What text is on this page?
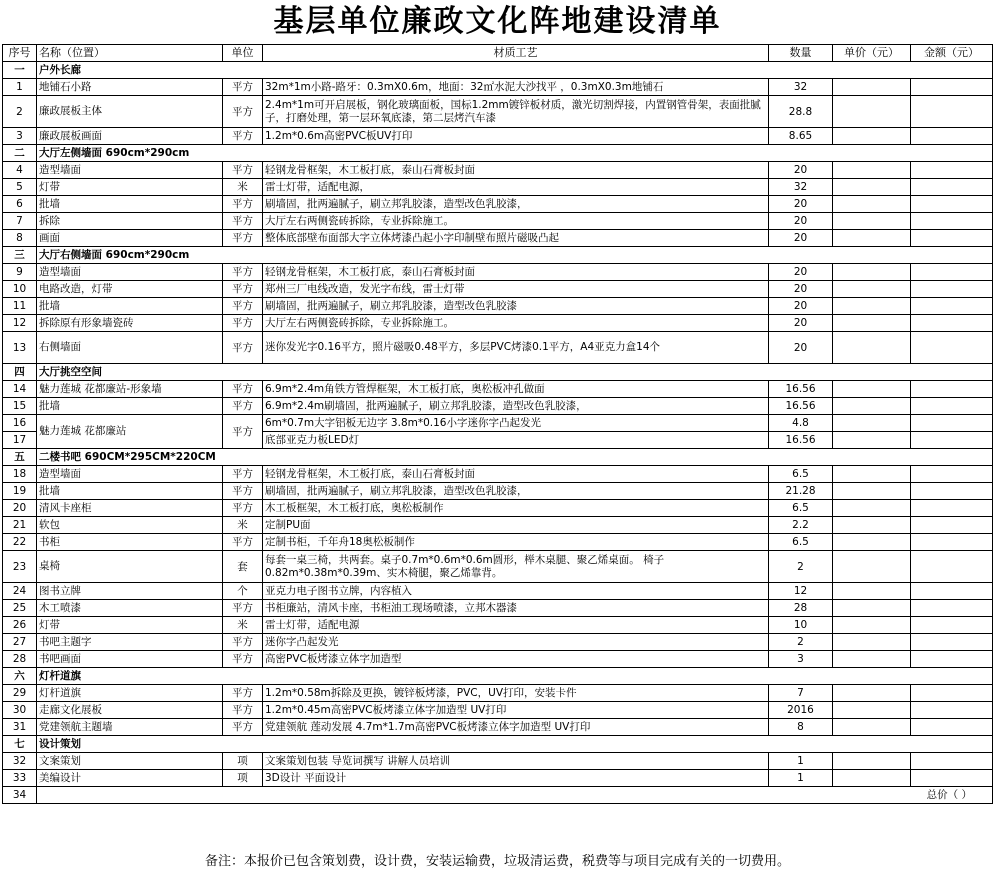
基层单位廉政文化阵地建设清单
序号	名称（位置）	单位	材质工艺	数量	单价（元）	金额（元）
一	户外长廊					
1	地铺石小路	平方	32m*1m小路-路牙：0.3mX0.6m，地面：32㎡水泥大沙找平 ，0.3mX0.3m地铺石	32		
2	廉政展板主体	平方	2.4m*1m可开启展板，钢化玻璃面板，国标1.2mm镀锌板材质，激光切割焊接，内置钢管骨架，表面批腻子，打磨处理，第一层环氧底漆，第二层烤汽车漆	28.8		
3	廉政展板画面	平方	1.2m*0.6m高密PVC板UV打印	8.65		
二	大厅左侧墙面 690cm*290cm					
4	造型墙面	平方	轻钢龙骨框架，木工板打底，泰山石膏板封面	20		
5	灯带	米	雷士灯带，适配电源，	32		
6	批墙	平方	刷墙固，批两遍腻子，刷立邦乳胶漆，造型改色乳胶漆，	20		
7	拆除	平方	大厅左右两侧瓷砖拆除，专业拆除施工。	20		
8	画面	平方	整体底部壁布面部大字立体烤漆凸起小字印制壁布照片磁吸凸起	20		
三	大厅右侧墙面 690cm*290cm					
9	造型墙面	平方	轻钢龙骨框架，木工板打底，泰山石膏板封面	20		
10	电路改造，灯带	平方	郑州三厂电线改造，发光字布线，雷士灯带	20		
11	批墙	平方	刷墙固，批两遍腻子，刷立邦乳胶漆，造型改色乳胶漆	20		
12	拆除原有形象墙瓷砖	平方	大厅左右两侧瓷砖拆除，专业拆除施工。	20		
13	右侧墙面	平方	迷你发光字0.16平方，照片磁吸0.48平方，多层PVC烤漆0.1平方，A4亚克力盒14个	20		
四	大厅挑空空间					
14	魅力莲城 花都廉站-形象墙	平方	6.9m*2.4m角铁方管焊框架，木工板打底，奥松板冲孔做面	16.56		
15	批墙	平方	6.9m*2.4m刷墙固，批两遍腻子，刷立邦乳胶漆，造型改色乳胶漆，	16.56		
16	魅力莲城 花都廉站	平方	6m*0.7m大字铝板无边字 3.8m*0.16小字迷你字凸起发光	4.8		
17			底部亚克力板LED灯	16.56		
五	二楼书吧 690CM*295CM*220CM					
18	造型墙面	平方	轻钢龙骨框架，木工板打底，泰山石膏板封面	6.5		
19	批墙	平方	刷墙固，批两遍腻子，刷立邦乳胶漆，造型改色乳胶漆，	21.28		
20	清风卡座柜	平方	木工板框架，木工板打底，奥松板制作	6.5		
21	软包	米	定制PU面	2.2		
22	书柜	平方	定制书柜，千年舟18奥松板制作	6.5		
23	桌椅	套	每套一桌三椅，共两套。桌子0.7m*0.6m*0.6m圆形，榉木桌腿、聚乙烯桌面。 椅子0.82m*0.38m*0.39m、实木椅腿，聚乙烯靠背。	2		
24	图书立牌	个	亚克力电子图书立牌，内容植入	12		
25	木工喷漆	平方	书柜廉站，清风卡座，书柜油工现场喷漆，立邦木器漆	28		
26	灯带	米	雷士灯带，适配电源	10		
27	书吧主题字	平方	迷你字凸起发光	2		
28	书吧画面	平方	高密PVC板烤漆立体字加造型	3		
六	灯杆道旗					
29	灯杆道旗	平方	1.2m*0.58m拆除及更换，镀锌板烤漆，PVC，UV打印，安装卡件	7		
30	走廊文化展板	平方	1.2m*0.45m高密PVC板烤漆立体字加造型 UV打印	2016		
31	党建领航主题墙	平方	党建领航 莲动发展 4.7m*1.7m高密PVC板烤漆立体字加造型 UV打印	8		
七	设计策划					
32	文案策划	项	文案策划包装 导览词撰写 讲解人员培训	1		
33	美编设计	项	3D设计 平面设计	1		
34	总价（ ）					
备注：本报价已包含策划费，设计费，安装运输费，垃圾清运费，税费等与项目完成有关的一切费用。
